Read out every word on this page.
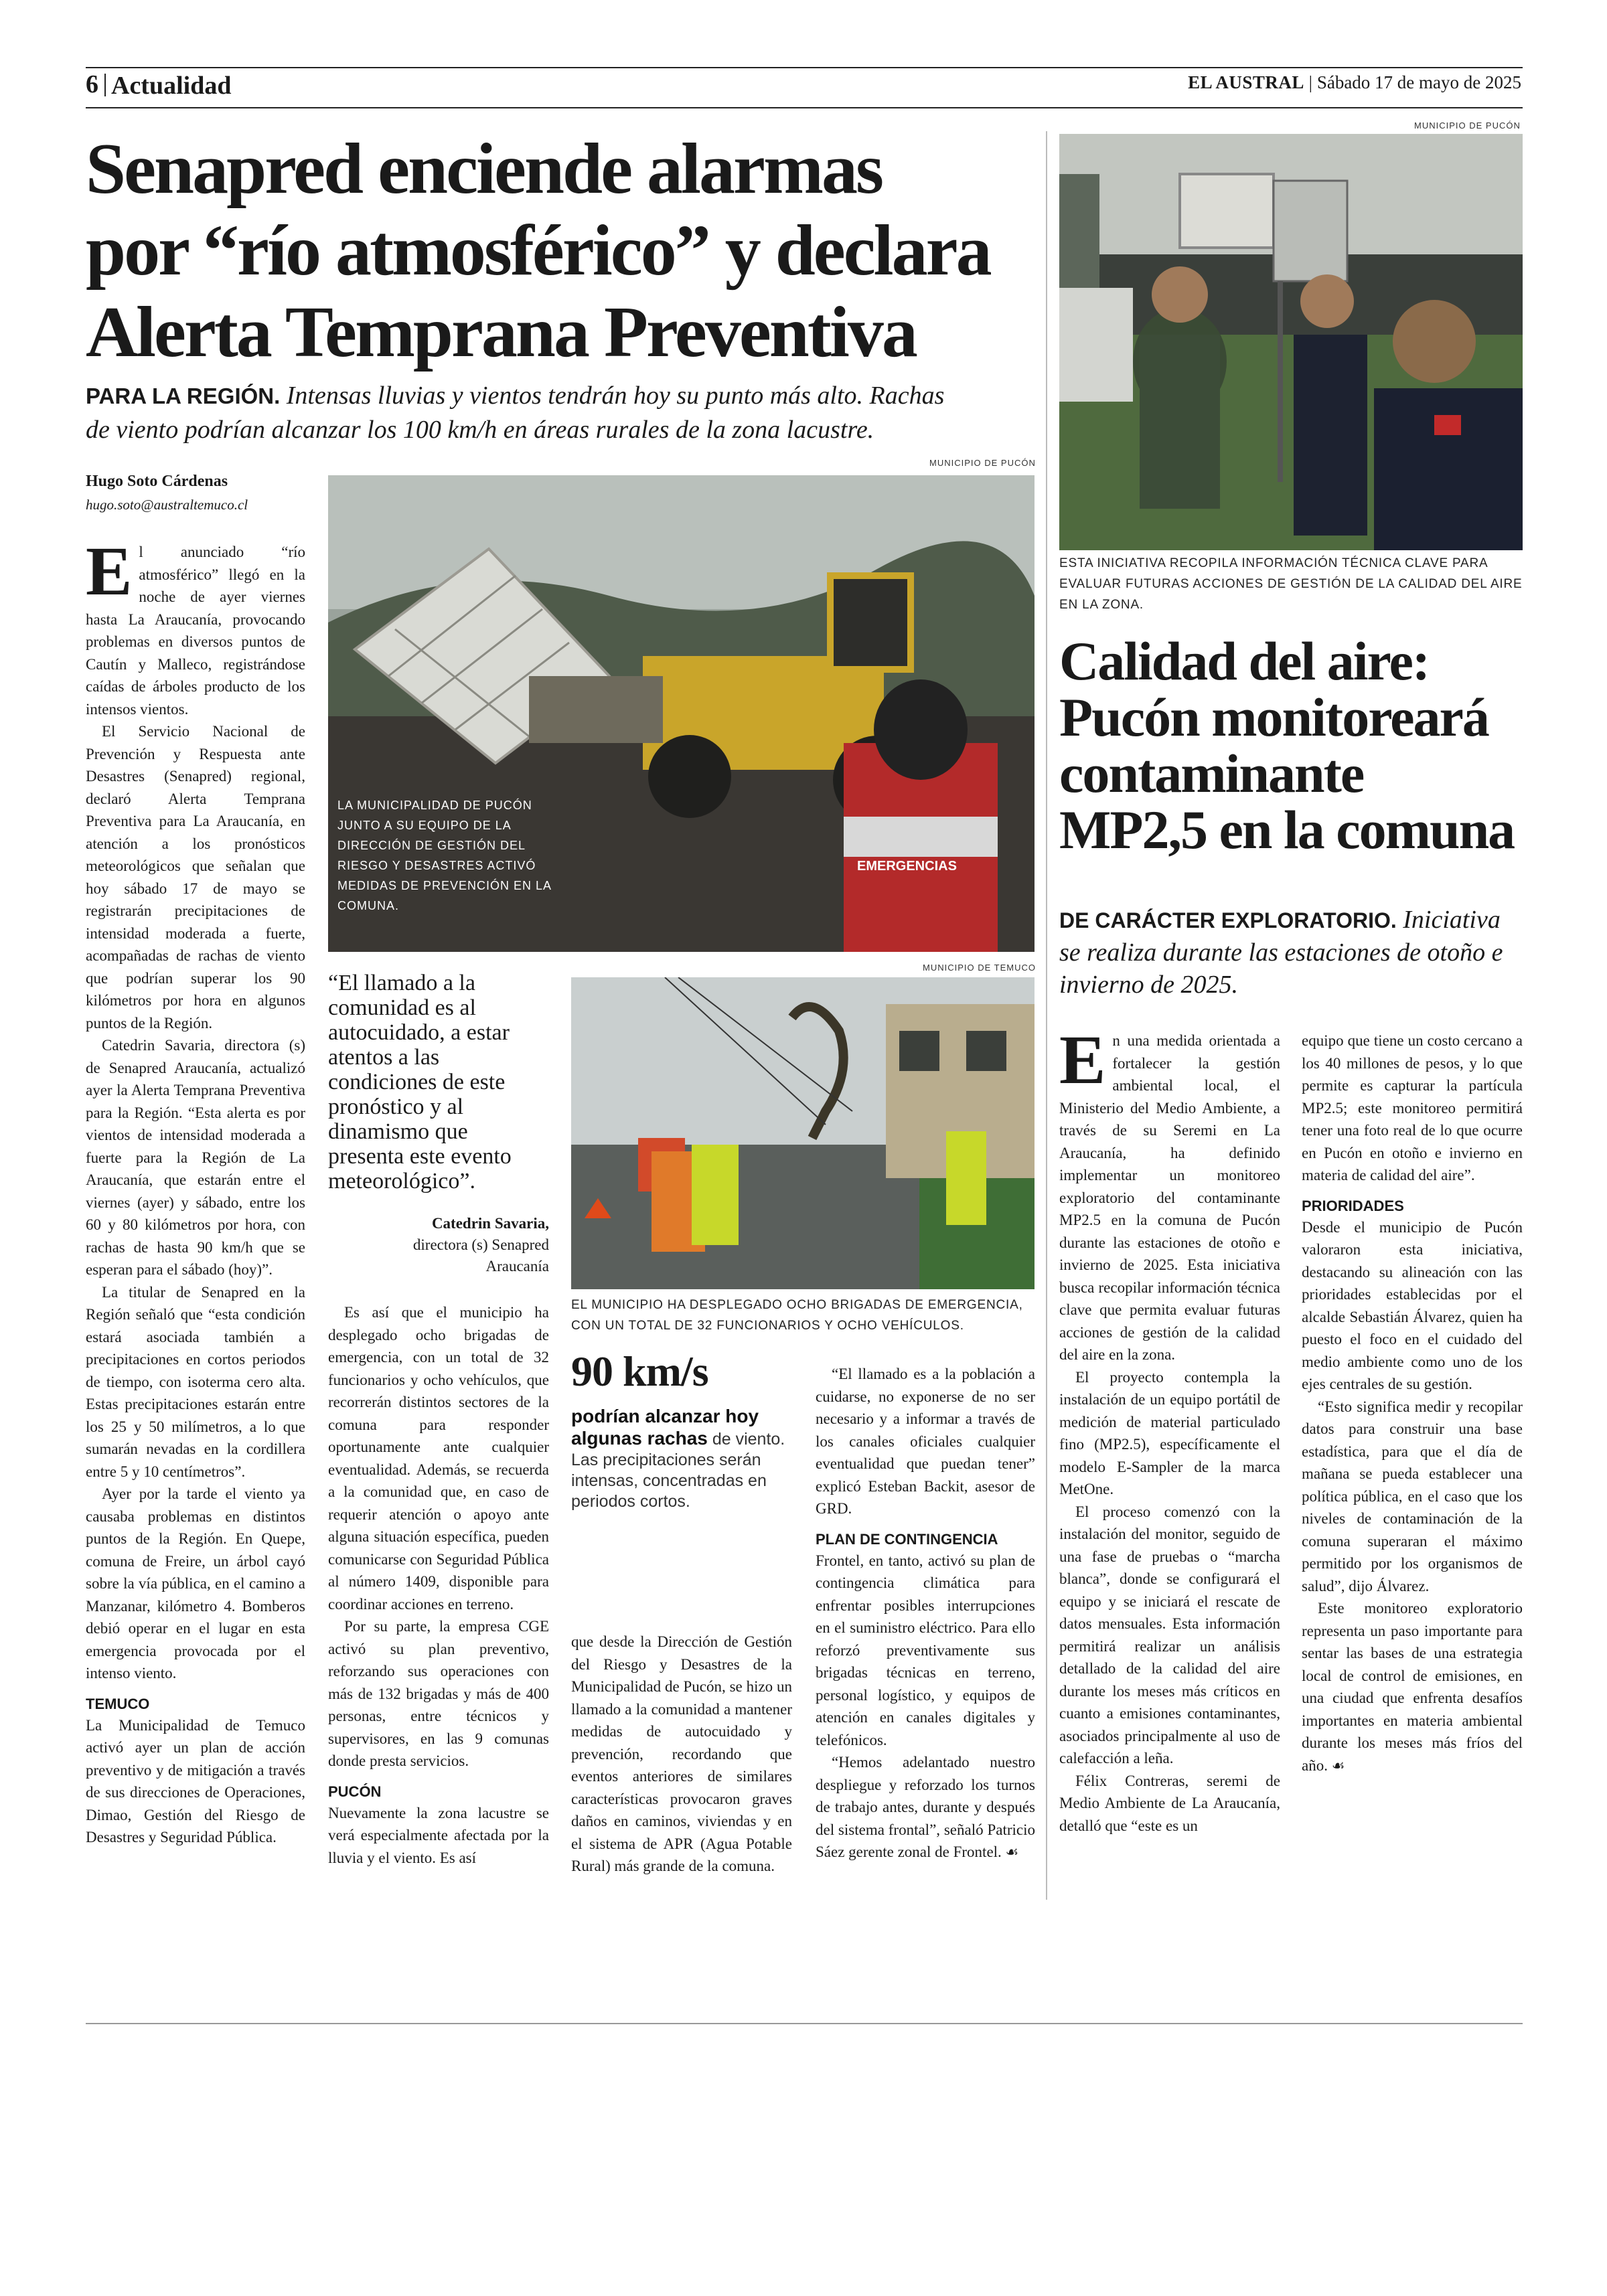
6 Actualidad	EL AUSTRAL | Sábado 17 de mayo de 2025
Senapred enciende alarmas
por “río atmosférico” y declara
Alerta Temprana Preventiva
PARA LA REGIÓN. Intensas lluvias y vientos tendrán hoy su punto más alto. Rachas
de viento podrían alcanzar los 100 km/h en áreas rurales de la zona lacustre.
Hugo Soto Cárdenas
hugo.soto@australtemuco.cl
MUNICIPIO DE PUCÓN
EMERGENCIAS
LA MUNICIPALIDAD DE PUCÓN JUNTO A SU EQUIPO DE LA DIRECCIÓN DE GESTIÓN DEL RIESGO Y DESASTRES ACTIVÓ MEDIDAS DE PREVENCIÓN EN LA COMUNA.

El anunciado “río atmosférico” llegó en la noche de ayer viernes hasta La Araucanía, provocando problemas en diversos puntos de Cautín y Malleco, registrándose caídas de árboles producto de los intensos vientos.

El Servicio Nacional de Prevención y Respuesta ante Desastres (Senapred) regional, declaró Alerta Temprana Preventiva para La Araucanía, en atención a los pronósticos meteorológicos que señalan que hoy sábado 17 de mayo se registrarán precipitaciones de intensidad moderada a fuerte, acompañadas de rachas de viento que podrían superar los 90 kilómetros por hora en algunos puntos de la Región.

Catedrin Savaria, directora (s) de Senapred Araucanía, actualizó ayer la Alerta Temprana Preventiva para la Región. “Esta alerta es por vientos de intensidad moderada a fuerte para la Región de La Araucanía, que estarán entre el viernes (ayer) y sábado, entre los 60 y 80 kilómetros por hora, con rachas de hasta 90 km/h que se esperan para el sábado (hoy)”.

La titular de Senapred en la Región señaló que “esta condición estará asociada también a precipitaciones en cortos periodos de tiempo, con isoterma cero alta. Estas precipitaciones estarán entre los 25 y 50 milímetros, a lo que sumarán nevadas en la cordillera entre 5 y 10 centímetros”.

Ayer por la tarde el viento ya causaba problemas en distintos puntos de la Región. En Quepe, comuna de Freire, un árbol cayó sobre la vía pública, en el camino a Manzanar, kilómetro 4. Bomberos debió operar en el lugar en esta emergencia provocada por el intenso viento.

TEMUCO

La Municipalidad de Temuco activó ayer un plan de acción preventivo y de mitigación a través de sus direcciones de Operaciones, Dimao, Gestión del Riesgo de Desastres y Seguridad Pública.

“El llamado a la comunidad es al autocuidado, a estar atentos a las condiciones de este pronóstico y al dinamismo que presenta este evento meteorológico”.
Catedrin Savaria,
directora (s) Senapred
Araucanía
MUNICIPIO DE TEMUCO
EL MUNICIPIO HA DESPLEGADO OCHO BRIGADAS DE EMERGENCIA, CON UN TOTAL DE 32 FUNCIONARIOS Y OCHO VEHÍCULOS.

Es así que el municipio ha desplegado ocho brigadas de emergencia, con un total de 32 funcionarios y ocho vehículos, que recorrerán distintos sectores de la comuna para responder oportunamente ante cualquier eventualidad. Además, se recuerda a la comunidad que, en caso de requerir atención o apoyo ante alguna situación específica, pueden comunicarse con Seguridad Pública al número 1409, disponible para coordinar acciones en terreno.

Por su parte, la empresa CGE activó su plan preventivo, reforzando sus operaciones con más de 132 brigadas y más de 400 personas, entre técnicos y supervisores, en las 9 comunas donde presta servicios.

PUCÓN

Nuevamente la zona lacustre se verá especialmente afectada por la lluvia y el viento. Es así

90 km/s
podrían alcanzar hoy algunas rachas de viento. Las precipitaciones serán intensas, concentradas en periodos cortos.

que desde la Dirección de Gestión del Riesgo y Desastres de la Municipalidad de Pucón, se hizo un llamado a la comunidad a mantener medidas de autocuidado y prevención, recordando que eventos anteriores de similares características provocaron graves daños en caminos, viviendas y en el sistema de APR (Agua Potable Rural) más grande de la comuna.

“El llamado es a la población a cuidarse, no exponerse de no ser necesario y a informar a través de los canales oficiales cualquier eventualidad que puedan tener” explicó Esteban Backit, asesor de GRD.

PLAN DE CONTINGENCIA

Frontel, en tanto, activó su plan de contingencia climática para enfrentar posibles interrupciones en el suministro eléctrico. Para ello reforzó preventivamente sus brigadas técnicas en terreno, personal logístico, y equipos de atención en canales digitales y telefónicos.

“Hemos adelantado nuestro despliegue y reforzado los turnos de trabajo antes, durante y después del sistema frontal”, señaló Patricio Sáez gerente zonal de Frontel. ☙

MUNICIPIO DE PUCÓN
ESTA INICIATIVA RECOPILA INFORMACIÓN TÉCNICA CLAVE PARA EVALUAR FUTURAS ACCIONES DE GESTIÓN DE LA CALIDAD DEL AIRE EN LA ZONA.
Calidad del aire:
Pucón monitoreará
contaminante
MP2,5 en la comuna
DE CARÁCTER EXPLORATORIO. Iniciativa se realiza durante las estaciones de otoño e invierno de 2025.

En una medida orientada a fortalecer la gestión ambiental local, el Ministerio del Medio Ambiente, a través de su Seremi en La Araucanía, ha definido implementar un monitoreo exploratorio del contaminante MP2.5 en la comuna de Pucón durante las estaciones de otoño e invierno de 2025. Esta iniciativa busca recopilar información técnica clave que permita evaluar futuras acciones de gestión de la calidad del aire en la zona.

El proyecto contempla la instalación de un equipo portátil de medición de material particulado fino (MP2.5), específicamente el modelo E-Sampler de la marca MetOne.

El proceso comenzó con la instalación del monitor, seguido de una fase de pruebas o “marcha blanca”, donde se configurará el equipo y se iniciará el rescate de datos mensuales. Esta información permitirá realizar un análisis detallado de la calidad del aire durante los meses más críticos en cuanto a emisiones contaminantes, asociados principalmente al uso de calefacción a leña.

Félix Contreras, seremi de Medio Ambiente de La Araucanía, detalló que “este es un

equipo que tiene un costo cercano a los 40 millones de pesos, y lo que permite es capturar la partícula MP2.5; este monitoreo permitirá tener una foto real de lo que ocurre en Pucón en otoño e invierno en materia de calidad del aire”.

PRIORIDADES

Desde el municipio de Pucón valoraron esta iniciativa, destacando su alineación con las prioridades establecidas por el alcalde Sebastián Álvarez, quien ha puesto el foco en el cuidado del medio ambiente como uno de los ejes centrales de su gestión.

“Esto significa medir y recopilar datos para construir una base estadística, para que el día de mañana se pueda establecer una política pública, en el caso que los niveles de contaminación de la comuna superaran el máximo permitido por los organismos de salud”, dijo Álvarez.

Este monitoreo exploratorio representa un paso importante para sentar las bases de una estrategia local de control de emisiones, en una ciudad que enfrenta desafíos importantes en materia ambiental durante los meses más fríos del año. ☙
